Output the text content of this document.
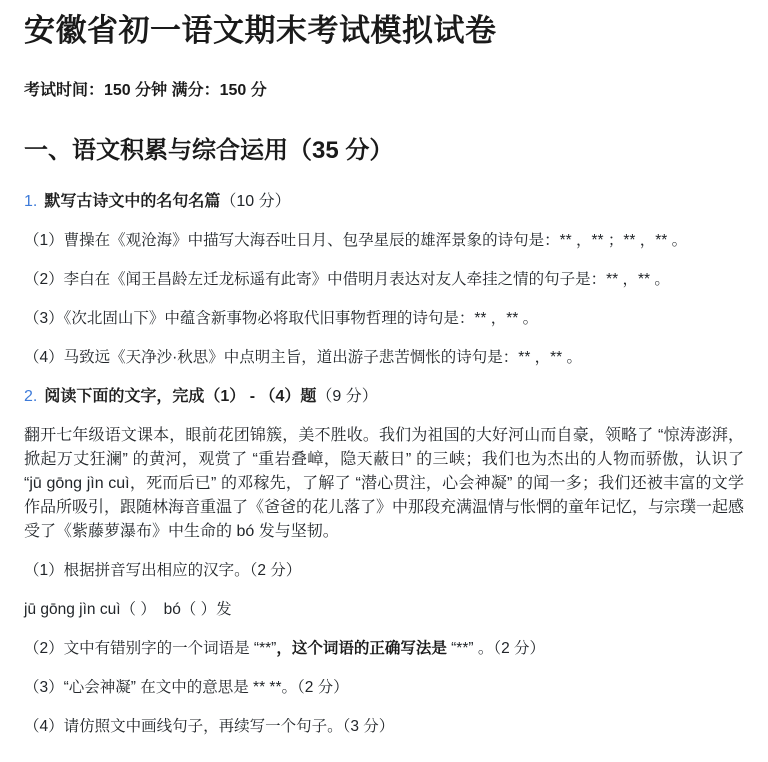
安徽省初一语文期末考试模拟试卷

考试时间：150 分钟 满分：150 分

一、语文积累与综合运用（35 分）

1. 默写古诗文中的名句名篇（10 分）

（1）曹操在《观沧海》中描写大海吞吐日月、包孕星辰的雄浑景象的诗句是：** ，** ；** ，** 。

（2）李白在《闻王昌龄左迁龙标遥有此寄》中借明月表达对友人牵挂之情的句子是：** ，** 。

（3）《次北固山下》中蕴含新事物必将取代旧事物哲理的诗句是：** ，** 。

（4）马致远《天净沙·秋思》中点明主旨，道出游子悲苦惆怅的诗句是：** ，** 。

2. 阅读下面的文字，完成（1） - （4）题（9 分）

翻开七年级语文课本，眼前花团锦簇，美不胜收。我们为祖国的大好河山而自豪，领略了 “惊涛澎湃，掀起万丈狂澜” 的黄河，观赏了 “重岩叠嶂，隐天蔽日” 的三峡；我们也为杰出的人物而骄傲，认识了 “jū gōng jìn cuì，死而后已” 的邓稼先，了解了 “潜心贯注，心会神凝” 的闻一多；我们还被丰富的文学作品所吸引，跟随林海音重温了《爸爸的花儿落了》中那段充满温情与怅惘的童年记忆，与宗璞一起感受了《紫藤萝瀑布》中生命的 bó 发与坚韧。

（1）根据拼音写出相应的汉字。（2 分）

jū gōng jìn cuì（ ）　bó（ ）发

（2）文中有错别字的一个词语是 “**”，这个词语的正确写法是 “**” 。（2 分）

（3）“心会神凝” 在文中的意思是 ** **。（2 分）

（4）请仿照文中画线句子，再续写一个句子。（3 分）
